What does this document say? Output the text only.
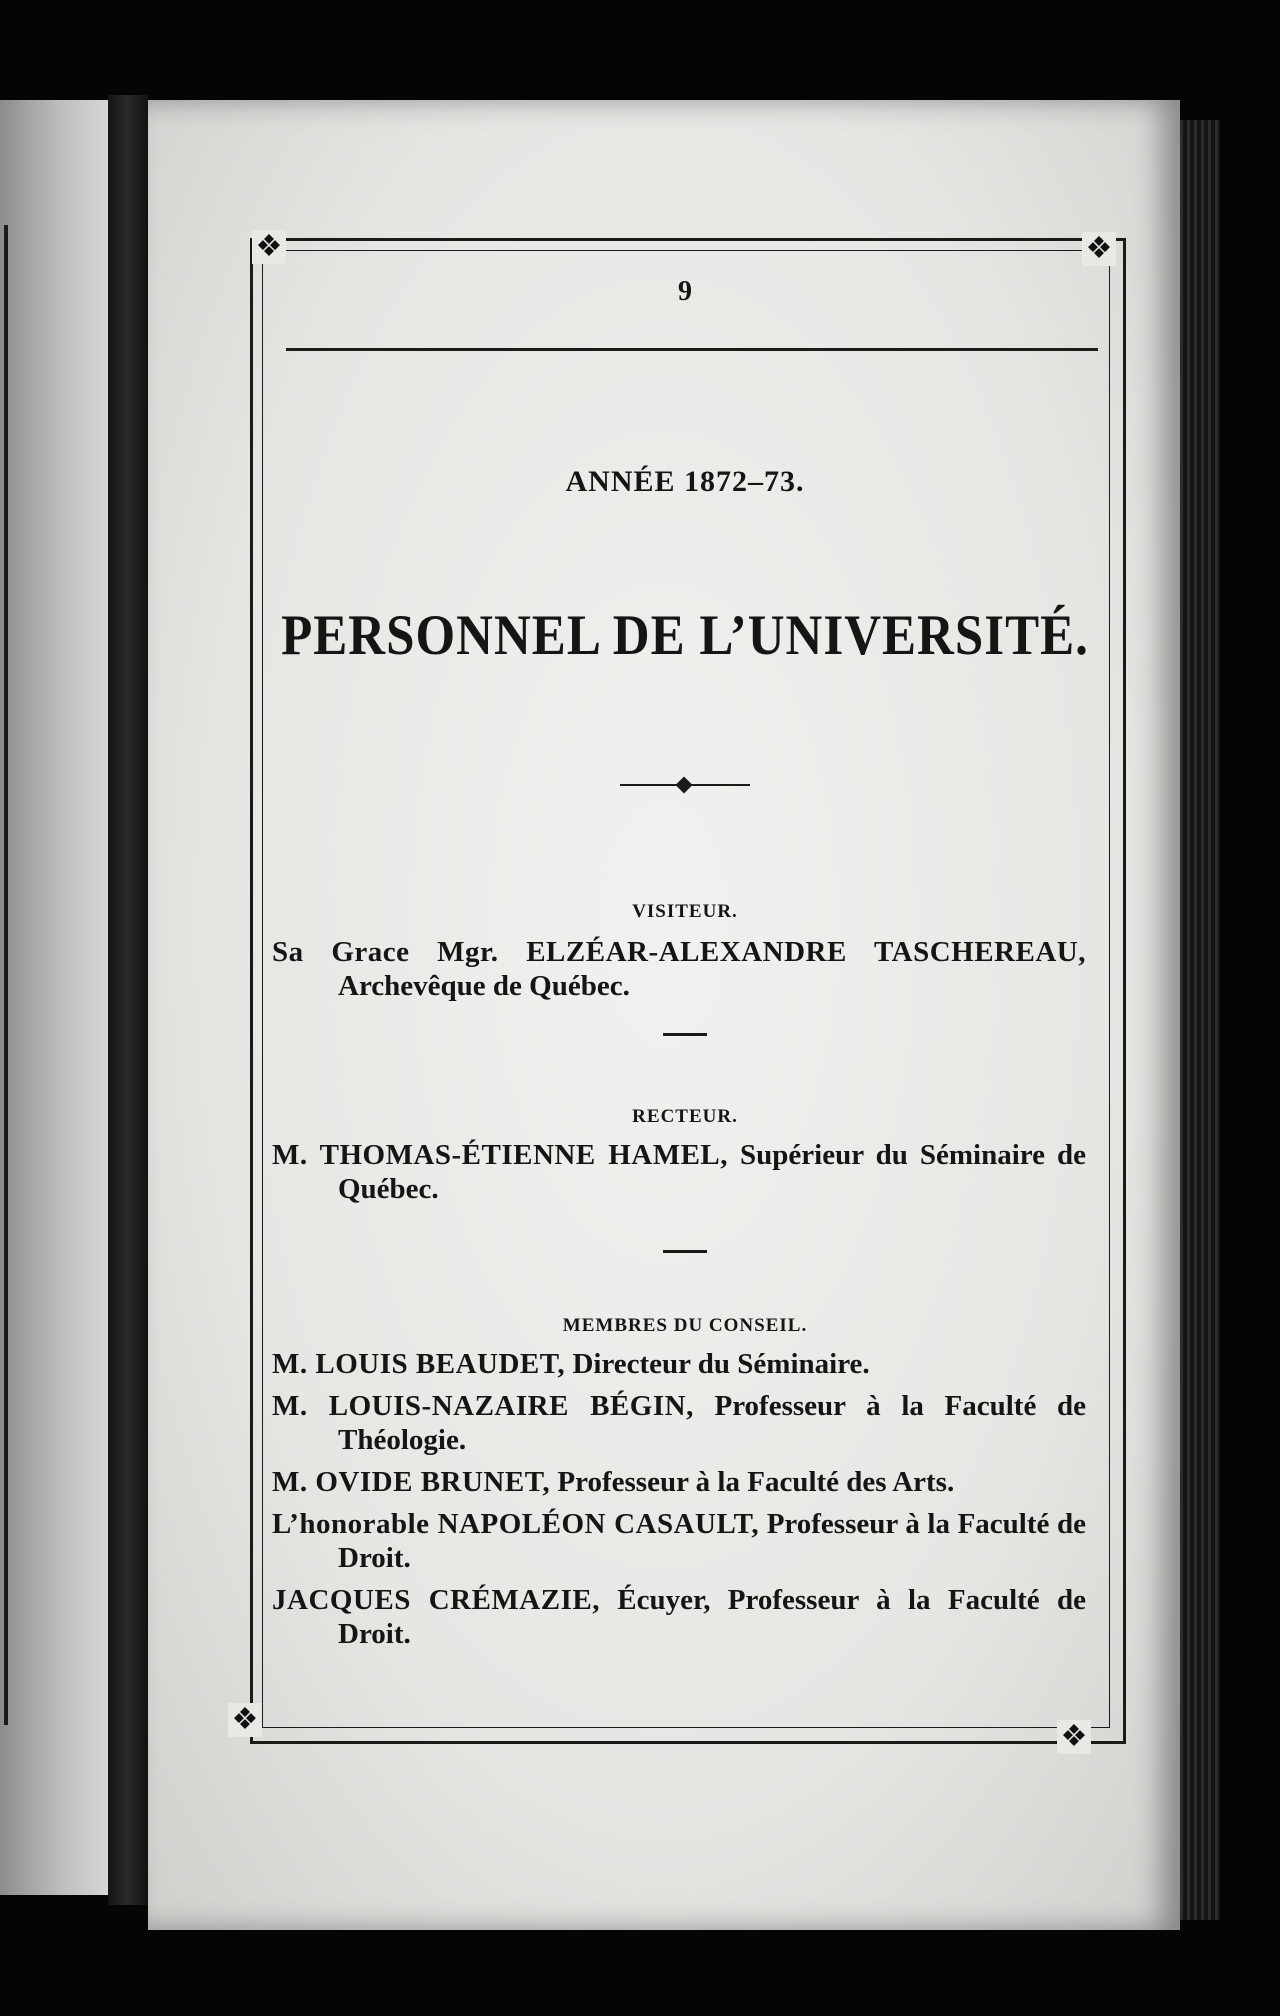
❖	❖
❖
❖
9
ANNÉE 1872–73.
PERSONNEL DE L’UNIVERSITÉ.
VISITEUR.
Sa Grace Mgr. ELZÉAR-ALEXANDRE TASCHEREAU, Archevêque de Québec.
RECTEUR.
M. THOMAS-ÉTIENNE HAMEL, Supérieur du Séminaire de Québec.
MEMBRES DU CONSEIL.
M. LOUIS BEAUDET, Directeur du Séminaire.
M. LOUIS-NAZAIRE BÉGIN, Professeur à la Faculté de Théologie.
M. OVIDE BRUNET, Professeur à la Faculté des Arts.
L’honorable NAPOLÉON CASAULT, Professeur à la Faculté de Droit.
JACQUES CRÉMAZIE, Écuyer, Professeur à la Faculté de Droit.
